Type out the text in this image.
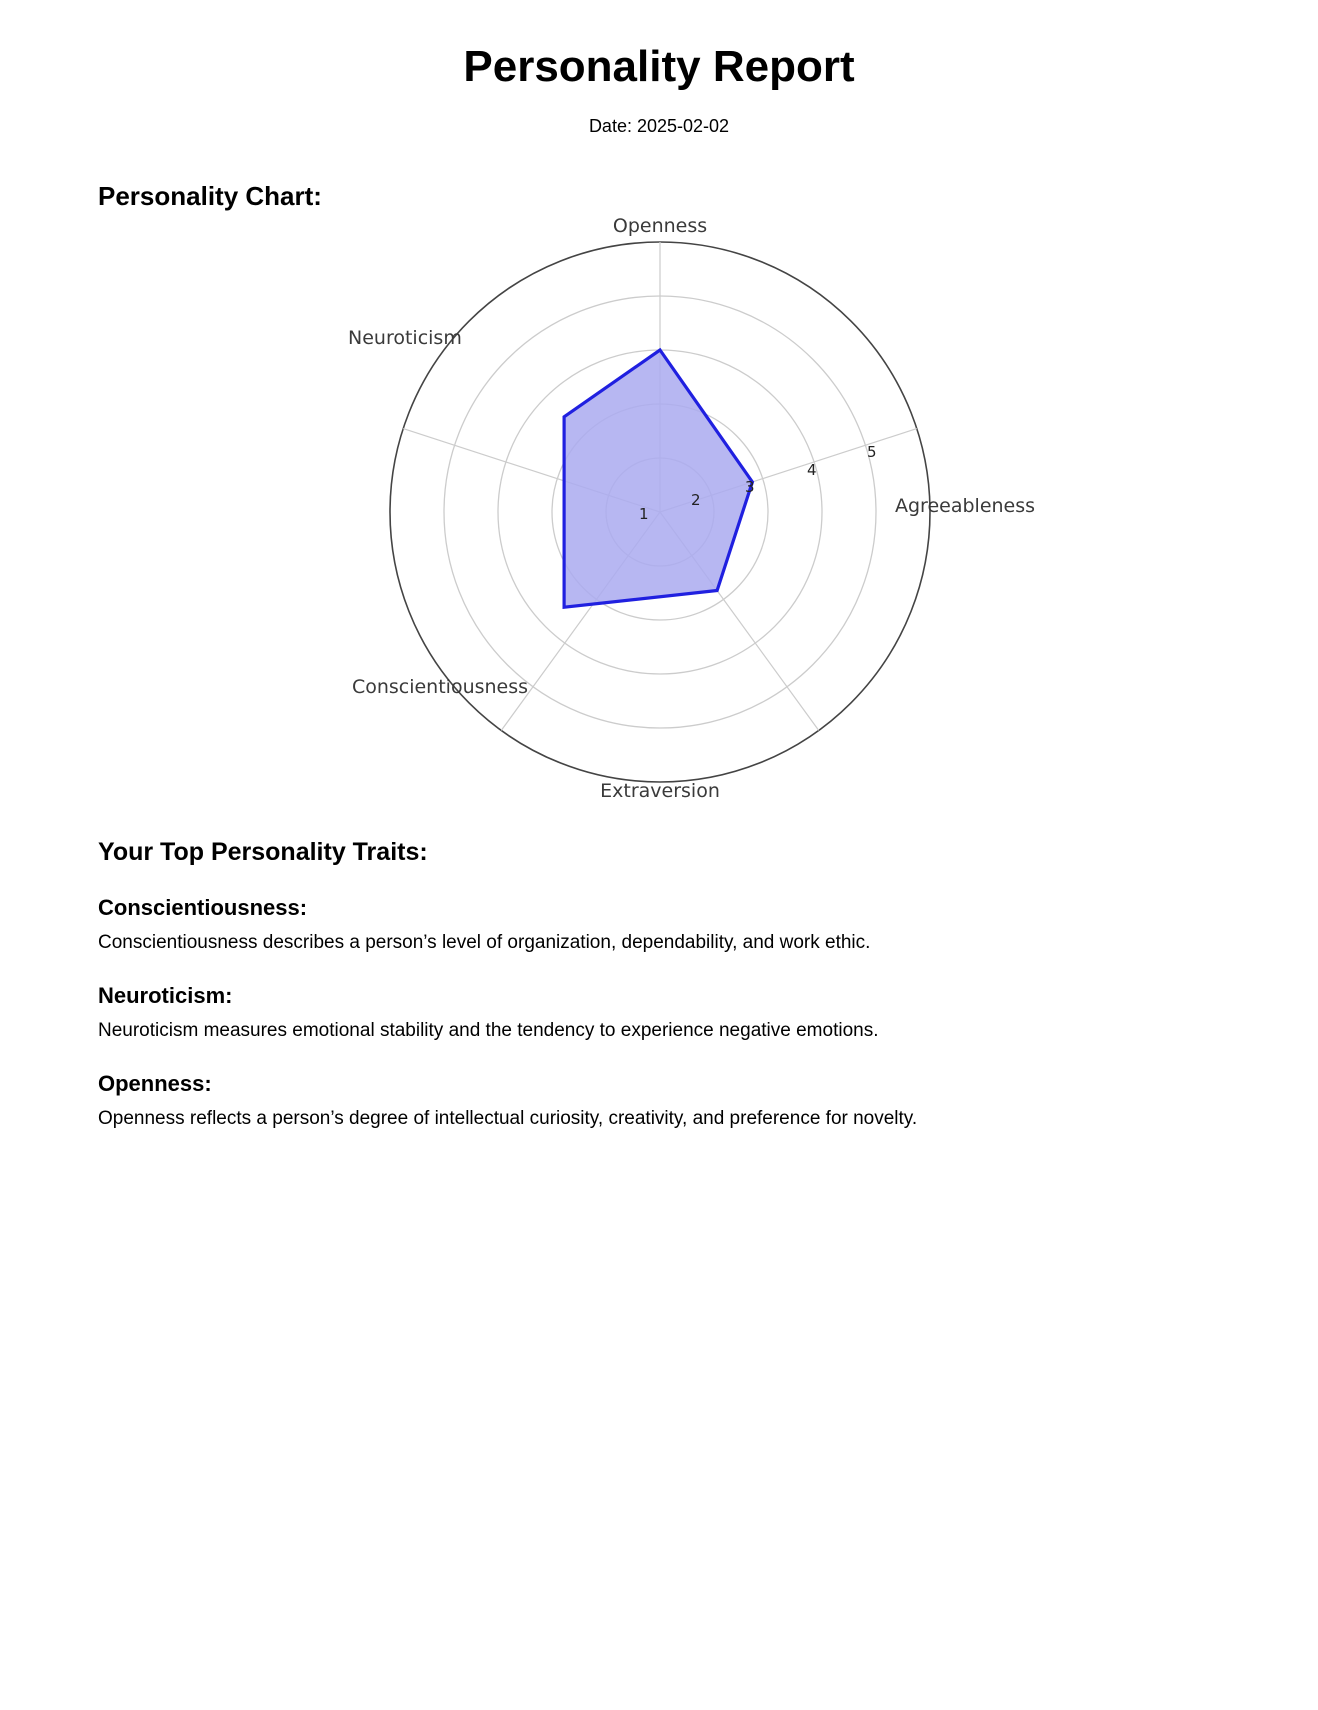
Personality Report
Date: 2025-02-02
Personality Chart:
1
2
3
4
5
Openness
Agreeableness
Extraversion
Conscientiousness
Neuroticism
Your Top Personality Traits:
Conscientiousness:

Conscientiousness describes a person’s level of organization, dependability, and work ethic.

Neuroticism:

Neuroticism measures emotional stability and the tendency to experience negative emotions.

Openness:

Openness reflects a person’s degree of intellectual curiosity, creativity, and preference for novelty.
